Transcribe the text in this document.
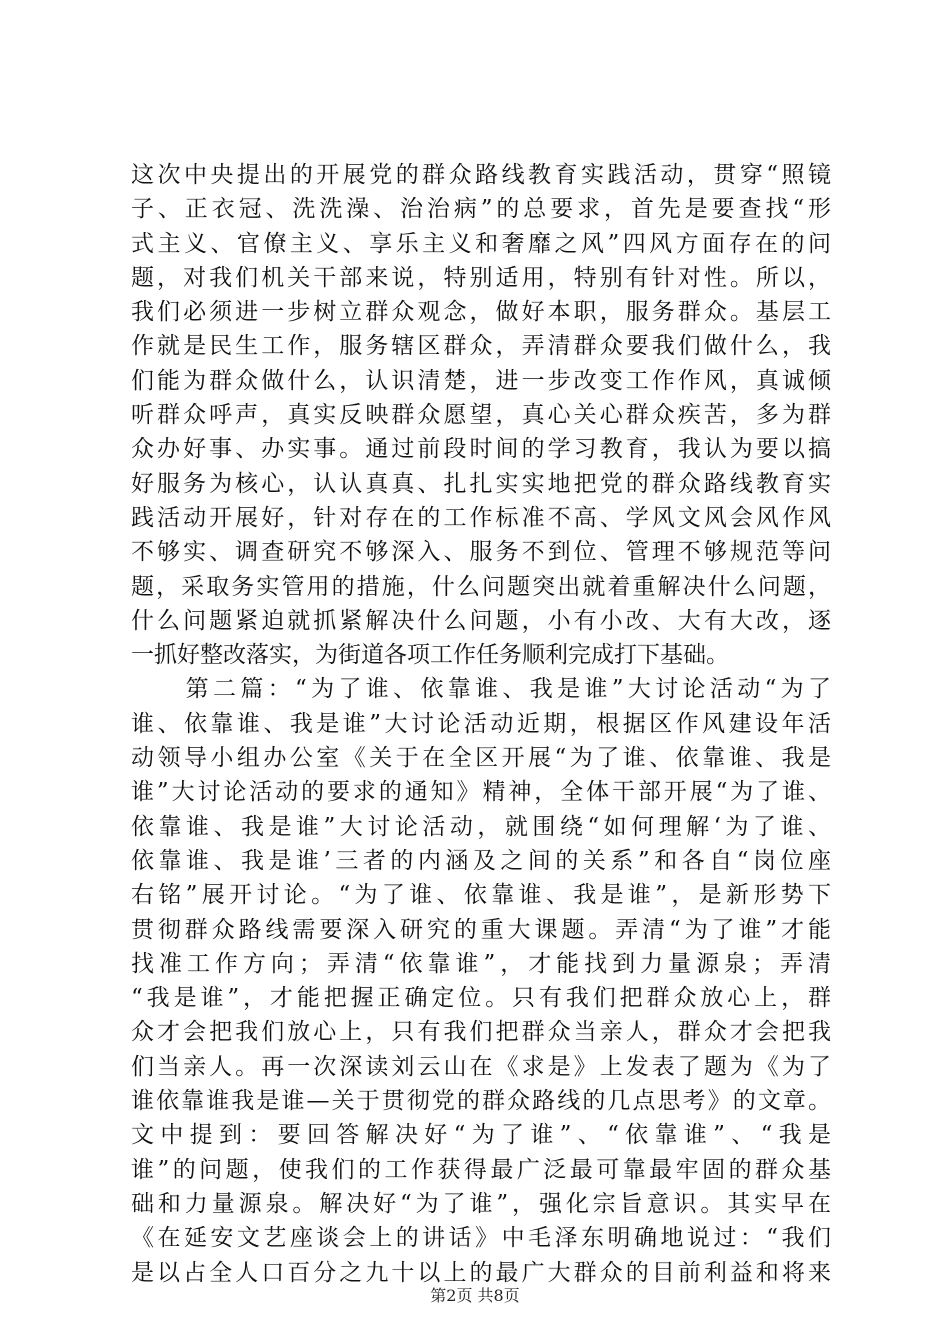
这次中央提出的开展党的群众路线教育实践活动，贯穿“照镜
子、正衣冠、洗洗澡、治治病”的总要求，首先是要查找“形
式主义、官僚主义、享乐主义和奢靡之风”四风方面存在的问
题，对我们机关干部来说，特别适用，特别有针对性。所以，
我们必须进一步树立群众观念，做好本职，服务群众。基层工
作就是民生工作，服务辖区群众，弄清群众要我们做什么，我
们能为群众做什么，认识清楚，进一步改变工作作风，真诚倾
听群众呼声，真实反映群众愿望，真心关心群众疾苦，多为群
众办好事、办实事。通过前段时间的学习教育，我认为要以搞
好服务为核心，认认真真、扎扎实实地把党的群众路线教育实
践活动开展好，针对存在的工作标准不高、学风文风会风作风
不够实、调查研究不够深入、服务不到位、管理不够规范等问
题，采取务实管用的措施，什么问题突出就着重解决什么问题，
什么问题紧迫就抓紧解决什么问题，小有小改、大有大改，逐
一抓好整改落实，为街道各项工作任务顺利完成打下基础。
　　第二篇：“为了谁、依靠谁、我是谁”大讨论活动“为了
谁、依靠谁、我是谁”大讨论活动近期，根据区作风建设年活
动领导小组办公室《关于在全区开展“为了谁、依靠谁、我是
谁”大讨论活动的要求的通知》精神，全体干部开展“为了谁、
依靠谁、我是谁”大讨论活动，就围绕“如何理解‘为了谁、
依靠谁、我是谁’三者的内涵及之间的关系”和各自“岗位座
右铭”展开讨论。“为了谁、依靠谁、我是谁”，是新形势下
贯彻群众路线需要深入研究的重大课题。弄清“为了谁”才能
找准工作方向；弄清“依靠谁”，才能找到力量源泉；弄清
“我是谁”，才能把握正确定位。只有我们把群众放心上，群
众才会把我们放心上，只有我们把群众当亲人，群众才会把我
们当亲人。再一次深读刘云山在《求是》上发表了题为《为了
谁依靠谁我是谁—关于贯彻党的群众路线的几点思考》的文章。
文中提到：要回答解决好“为了谁”、“依靠谁”、“我是
谁”的问题，使我们的工作获得最广泛最可靠最牢固的群众基
础和力量源泉。解决好“为了谁”，强化宗旨意识。其实早在
《在延安文艺座谈会上的讲话》中毛泽东明确地说过：“我们
是以占全人口百分之九十以上的最广大群众的目前利益和将来
第2页 共8页
